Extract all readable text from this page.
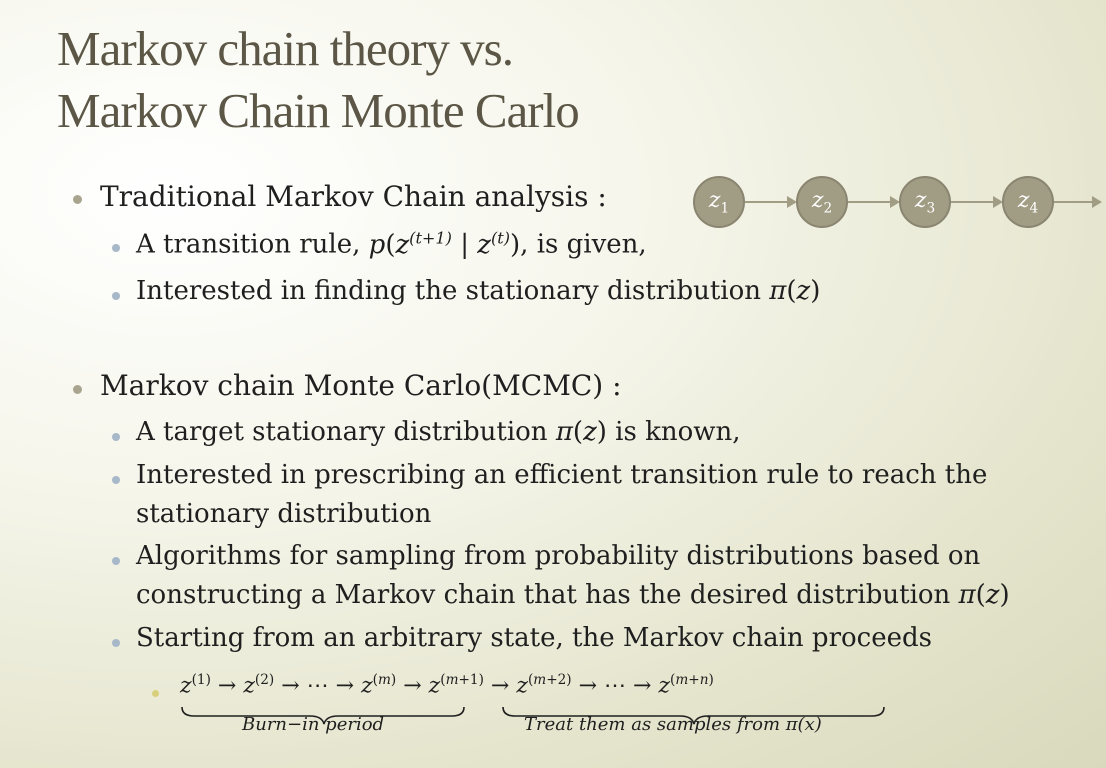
Markov chain theory vs.
Markov Chain Monte Carlo
$z_1$	$z_2$	$z_3$	$z_4$
Traditional Markov Chain analysis :
A transition rule, $p(z^{(t+1)}$ | $z^{(t)}$), is given,
Interested in finding the stationary distribution π(z)
Markov chain Monte Carlo(MCMC) :
A target stationary distribution π(z) is known,
Interested in prescribing an efficient transition rule to reach the
stationary distribution
Algorithms for sampling from probability distributions based on
constructing a Markov chain that has the desired distribution π(z)
Starting from an arbitrary state, the Markov chain proceeds
$z^{(1)} \to z^{(2)}$ → ⋯ → $z^{(m)} \to z^{(m+1)} \to z^{(m+2)}$ → ⋯ → $z^{(m+n)}$
Burn−in period	Treat them as samples from π(x)
